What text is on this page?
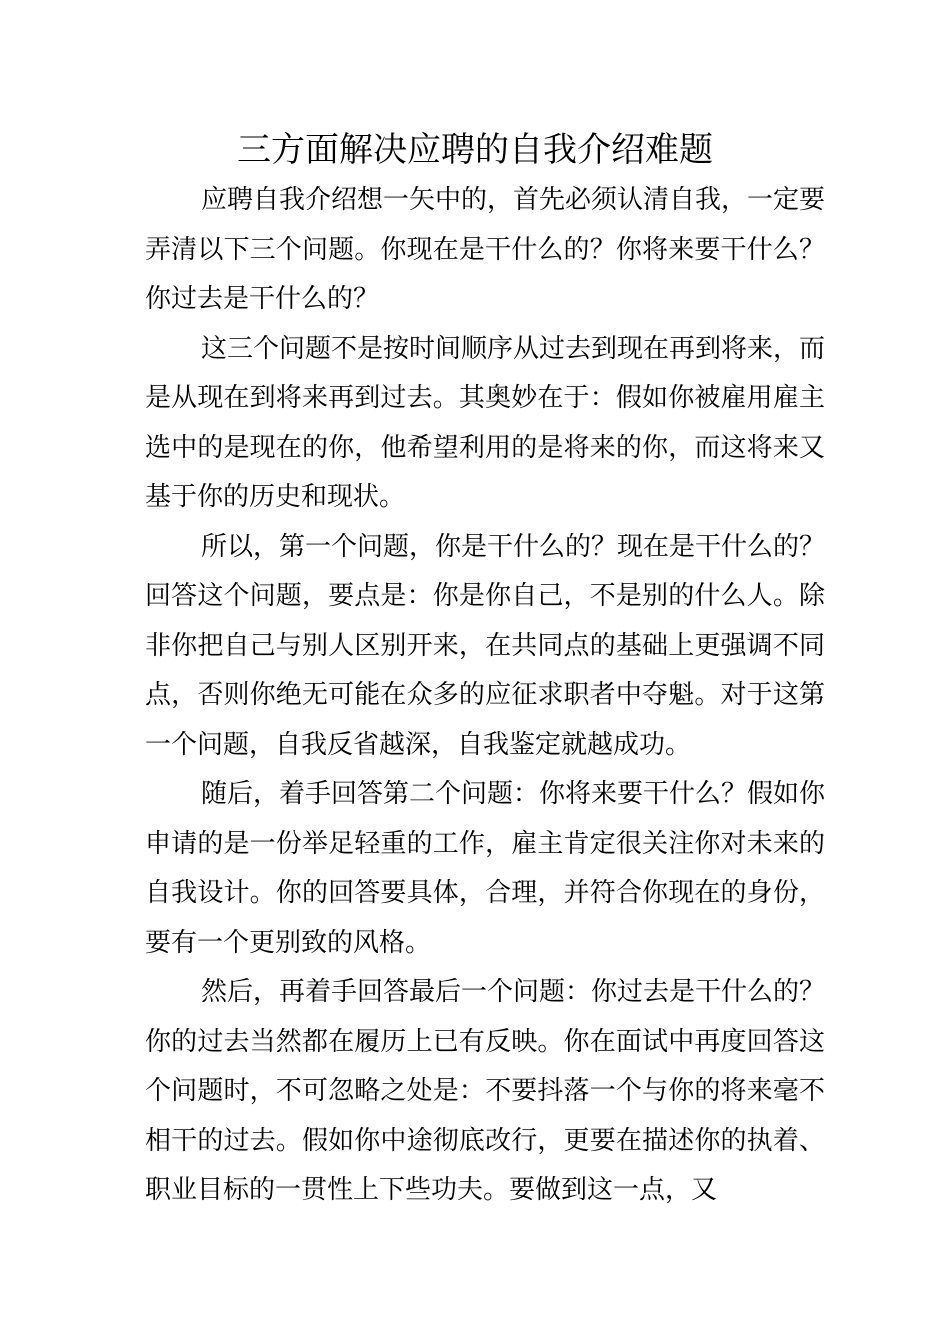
三方面解决应聘的自我介绍难题

应聘自我介绍想一矢中的，首先必须认清自我，一定要弄清以下三个问题。你现在是干什么的？你将来要干什么？你过去是干什么的？

这三个问题不是按时间顺序从过去到现在再到将来，而是从现在到将来再到过去。其奥妙在于：假如你被雇用雇主选中的是现在的你，他希望利用的是将来的你，而这将来又基于你的历史和现状。

所以，第一个问题，你是干什么的？现在是干什么的？回答这个问题，要点是：你是你自己，不是别的什么人。除非你把自己与别人区别开来，在共同点的基础上更强调不同点，否则你绝无可能在众多的应征求职者中夺魁。对于这第一个问题，自我反省越深，自我鉴定就越成功。

随后，着手回答第二个问题：你将来要干什么？假如你申请的是一份举足轻重的工作，雇主肯定很关注你对未来的自我设计。你的回答要具体，合理，并符合你现在的身份，要有一个更别致的风格。

然后，再着手回答最后一个问题：你过去是干什么的？你的过去当然都在履历上已有反映。你在面试中再度回答这个问题时，不可忽略之处是：不要抖落一个与你的将来毫不相干的过去。假如你中途彻底改行，更要在描述你的执着、职业目标的一贯性上下些功夫。要做到这一点，又
